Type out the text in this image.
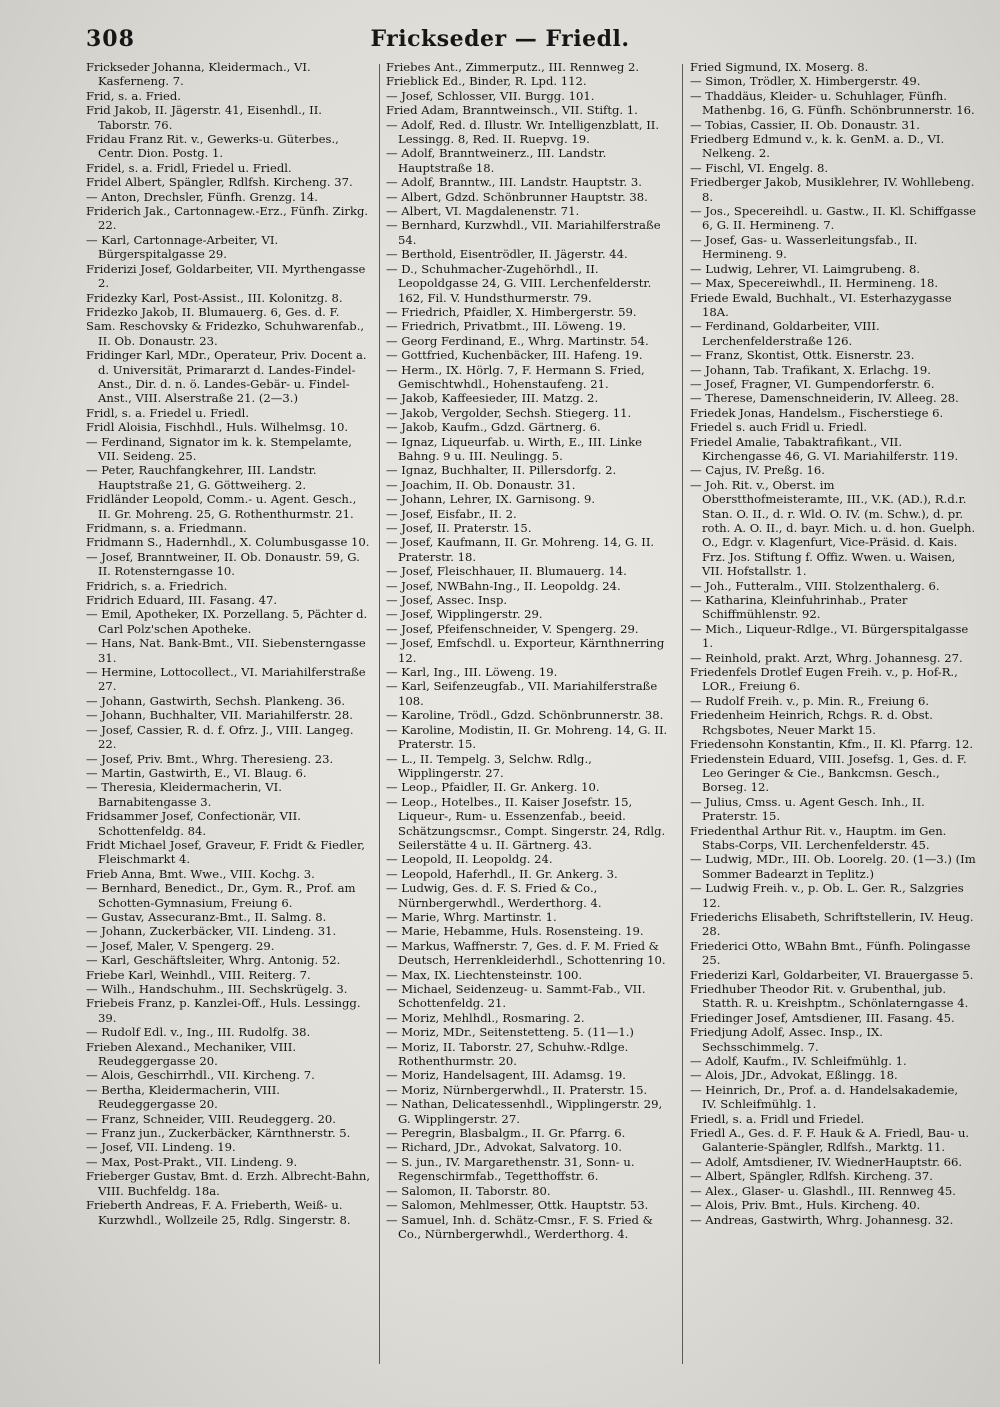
308	Frickseder — Friedl.

Frickseder Johanna, Kleidermach., VI. Kasferneng. 7.

Frid, s. a. Fried.

Frid Jakob, II. Jägerstr. 41, Eisenhdl., II. Taborstr. 76.

Fridau Franz Rit. v., Gewerks-u. Güterbes., Centr. Dion. Postg. 1.

Fridel, s. a. Fridl, Friedel u. Friedl.

Fridel Albert, Spängler, Rdlfsh. Kircheng. 37.

— Anton, Drechsler, Fünfh. Grenzg. 14.

Friderich Jak., Cartonnagew.-Erz., Fünfh. Zirkg. 22.

— Karl, Cartonnage-Arbeiter, VI. Bürgerspitalgasse 29.

Friderizi Josef, Goldarbeiter, VII. Myrthengasse 2.

Fridezky Karl, Post-Assist., III. Kolonitzg. 8.

Fridezko Jakob, II. Blumauerg. 6, Ges. d. F.

Sam. Reschovsky & Fridezko, Schuhwarenfab., II. Ob. Donaustr. 23.

Fridinger Karl, MDr., Operateur, Priv. Docent a. d. Universität, Primararzt d. Landes-Findel-Anst., Dir. d. n. ö. Landes-Gebär- u. Findel-Anst., VIII. Alserstraße 21. (2—3.)

Fridl, s. a. Friedel u. Friedl.

Fridl Aloisia, Fischhdl., Huls. Wilhelmsg. 10.

— Ferdinand, Signator im k. k. Stempelamte, VII. Seideng. 25.

— Peter, Rauchfangkehrer, III. Landstr. Hauptstraße 21, G. Göttweiherg. 2.

Fridländer Leopold, Comm.- u. Agent. Gesch., II. Gr. Mohreng. 25, G. Rothenthurmstr. 21.

Fridmann, s. a. Friedmann.

Fridmann S., Hadernhdl., X. Columbusgasse 10.

— Josef, Branntweiner, II. Ob. Donaustr. 59, G. II. Rotensterngasse 10.

Fridrich, s. a. Friedrich.

Fridrich Eduard, III. Fasang. 47.

— Emil, Apotheker, IX. Porzellang. 5, Pächter d. Carl Polz'schen Apotheke.

— Hans, Nat. Bank-Bmt., VII. Siebensterngasse 31.

— Hermine, Lottocollect., VI. Mariahilferstraße 27.

— Johann, Gastwirth, Sechsh. Plankeng. 36.

— Johann, Buchhalter, VII. Mariahilferstr. 28.

— Josef, Cassier, R. d. f. Ofrz. J., VIII. Langeg. 22.

— Josef, Priv. Bmt., Whrg. Theresieng. 23.

— Martin, Gastwirth, E., VI. Blaug. 6.

— Theresia, Kleidermacherin, VI. Barnabitengasse 3.

Fridsammer Josef, Confectionär, VII. Schottenfeldg. 84.

Fridt Michael Josef, Graveur, F. Fridt & Fiedler, Fleischmarkt 4.

Frieb Anna, Bmt. Wwe., VIII. Kochg. 3.

— Bernhard, Benedict., Dr., Gym. R., Prof. am Schotten-Gymnasium, Freiung 6.

— Gustav, Assecuranz-Bmt., II. Salmg. 8.

— Johann, Zuckerbäcker, VII. Lindeng. 31.

— Josef, Maler, V. Spengerg. 29.

— Karl, Geschäftsleiter, Whrg. Antonig. 52.

Friebe Karl, Weinhdl., VIII. Reiterg. 7.

— Wilh., Handschuhm., III. Sechskrügelg. 3.

Friebeis Franz, p. Kanzlei-Off., Huls. Lessingg. 39.

— Rudolf Edl. v., Ing., III. Rudolfg. 38.

Frieben Alexand., Mechaniker, VIII. Reudeggergasse 20.

— Alois, Geschirrhdl., VII. Kircheng. 7.

— Bertha, Kleidermacherin, VIII. Reudeggergasse 20.

— Franz, Schneider, VIII. Reudeggerg. 20.

— Franz jun., Zuckerbäcker, Kärnthnerstr. 5.

— Josef, VII. Lindeng. 19.

— Max, Post-Prakt., VII. Lindeng. 9.

Frieberger Gustav, Bmt. d. Erzh. Albrecht-Bahn, VIII. Buchfeldg. 18a.

Frieberth Andreas, F. A. Frieberth, Weiß- u. Kurzwhdl., Wollzeile 25, Rdlg. Singerstr. 8.

Friebes Ant., Zimmerputz., III. Rennweg 2.

Frieblick Ed., Binder, R. Lpd. 112.

— Josef, Schlosser, VII. Burgg. 101.

Fried Adam, Branntweinsch., VII. Stiftg. 1.

— Adolf, Red. d. Illustr. Wr. Intelligenzblatt, II. Lessingg. 8, Red. II. Ruepvg. 19.

— Adolf, Branntweinerz., III. Landstr. Hauptstraße 18.

— Adolf, Branntw., III. Landstr. Hauptstr. 3.

— Albert, Gdzd. Schönbrunner Hauptstr. 38.

— Albert, VI. Magdalenenstr. 71.

— Bernhard, Kurzwhdl., VII. Mariahilferstraße 54.

— Berthold, Eisentrödler, II. Jägerstr. 44.

— D., Schuhmacher-Zugehörhdl., II. Leopoldgasse 24, G. VIII. Lerchenfelderstr. 162, Fil. V. Hundsthurmerstr. 79.

— Friedrich, Pfaidler, X. Himbergerstr. 59.

— Friedrich, Privatbmt., III. Löweng. 19.

— Georg Ferdinand, E., Whrg. Martinstr. 54.

— Gottfried, Kuchenbäcker, III. Hafeng. 19.

— Herm., IX. Hörlg. 7, F. Hermann S. Fried, Gemischtwhdl., Hohenstaufeng. 21.

— Jakob, Kaffeesieder, III. Matzg. 2.

— Jakob, Vergolder, Sechsh. Stiegerg. 11.

— Jakob, Kaufm., Gdzd. Gärtnerg. 6.

— Ignaz, Liqueurfab. u. Wirth, E., III. Linke Bahng. 9 u. III. Neulingg. 5.

— Ignaz, Buchhalter, II. Pillersdorfg. 2.

— Joachim, II. Ob. Donaustr. 31.

— Johann, Lehrer, IX. Garnisong. 9.

— Josef, Eisfabr., II. 2.

— Josef, II. Praterstr. 15.

— Josef, Kaufmann, II. Gr. Mohreng. 14, G. II. Praterstr. 18.

— Josef, Fleischhauer, II. Blumauerg. 14.

— Josef, NWBahn-Ing., II. Leopoldg. 24.

— Josef, Assec. Insp.

— Josef, Wipplingerstr. 29.

— Josef, Pfeifenschneider, V. Spengerg. 29.

— Josef, Emfschdl. u. Exporteur, Kärnthnerring 12.

— Karl, Ing., III. Löweng. 19.

— Karl, Seifenzeugfab., VII. Mariahilferstraße 108.

— Karoline, Trödl., Gdzd. Schönbrunnerstr. 38.

— Karoline, Modistin, II. Gr. Mohreng. 14, G. II. Praterstr. 15.

— L., II. Tempelg. 3, Selchw. Rdlg., Wipplingerstr. 27.

— Leop., Pfaidler, II. Gr. Ankerg. 10.

— Leop., Hotelbes., II. Kaiser Josefstr. 15, Liqueur-, Rum- u. Essenzenfab., beeid. Schätzungscmsr., Compt. Singerstr. 24, Rdlg. Seilerstätte 4 u. II. Gärtnerg. 43.

— Leopold, II. Leopoldg. 24.

— Leopold, Haferhdl., II. Gr. Ankerg. 3.

— Ludwig, Ges. d. F. S. Fried & Co., Nürnbergerwhdl., Werderthorg. 4.

— Marie, Whrg. Martinstr. 1.

— Marie, Hebamme, Huls. Rosensteing. 19.

— Markus, Waffnerstr. 7, Ges. d. F. M. Fried & Deutsch, Herrenkleiderhdl., Schottenring 10.

— Max, IX. Liechtensteinstr. 100.

— Michael, Seidenzeug- u. Sammt-Fab., VII. Schottenfeldg. 21.

— Moriz, Mehlhdl., Rosmaring. 2.

— Moriz, MDr., Seitenstetteng. 5. (11—1.)

— Moriz, II. Taborstr. 27, Schuhw.-Rdlge. Rothenthurmstr. 20.

— Moriz, Handelsagent, III. Adamsg. 19.

— Moriz, Nürnbergerwhdl., II. Praterstr. 15.

— Nathan, Delicatessenhdl., Wipplingerstr. 29, G. Wipplingerstr. 27.

— Peregrin, Blasbalgm., II. Gr. Pfarrg. 6.

— Richard, JDr., Advokat, Salvatorg. 10.

— S. jun., IV. Margarethenstr. 31, Sonn- u. Regenschirmfab., Tegetthoffstr. 6.

— Salomon, II. Taborstr. 80.

— Salomon, Mehlmesser, Ottk. Hauptstr. 53.

— Samuel, Inh. d. Schätz-Cmsr., F. S. Fried & Co., Nürnbergerwhdl., Werderthorg. 4.

Fried Sigmund, IX. Moserg. 8.

— Simon, Trödler, X. Himbergerstr. 49.

— Thaddäus, Kleider- u. Schuhlager, Fünfh. Mathenbg. 16, G. Fünfh. Schönbrunnerstr. 16.

— Tobias, Cassier, II. Ob. Donaustr. 31.

Friedberg Edmund v., k. k. GenM. a. D., VI. Nelkeng. 2.

— Fischl, VI. Engelg. 8.

Friedberger Jakob, Musiklehrer, IV. Wohllebeng. 8.

— Jos., Specereihdl. u. Gastw., II. Kl. Schiffgasse 6, G. II. Hermineng. 7.

— Josef, Gas- u. Wasserleitungsfab., II. Hermineng. 9.

— Ludwig, Lehrer, VI. Laimgrubeng. 8.

— Max, Specereiwhdl., II. Hermineng. 18.

Friede Ewald, Buchhalt., VI. Esterhazygasse 18A.

— Ferdinand, Goldarbeiter, VIII. Lerchenfelderstraße 126.

— Franz, Skontist, Ottk. Eisnerstr. 23.

— Johann, Tab. Trafikant, X. Erlachg. 19.

— Josef, Fragner, VI. Gumpendorferstr. 6.

— Therese, Damenschneiderin, IV. Alleeg. 28.

Friedek Jonas, Handelsm., Fischerstiege 6.

Friedel s. auch Fridl u. Friedl.

Friedel Amalie, Tabaktrafikant., VII. Kirchengasse 46, G. VI. Mariahilferstr. 119.

— Cajus, IV. Preßg. 16.

— Joh. Rit. v., Oberst. im Oberstthofmeisteramte, III., V.K. (AD.), R.d.r. Stan. O. II., d. r. Wld. O. IV. (m. Schw.), d. pr. roth. A. O. II., d. bayr. Mich. u. d. hon. Guelph. O., Edgr. v. Klagenfurt, Vice-Präsid. d. Kais. Frz. Jos. Stiftung f. Offiz. Wwen. u. Waisen, VII. Hofstallstr. 1.

— Joh., Futteralm., VIII. Stolzenthalerg. 6.

— Katharina, Kleinfuhrinhab., Prater Schiffmühlenstr. 92.

— Mich., Liqueur-Rdlge., VI. Bürgerspitalgasse 1.

— Reinhold, prakt. Arzt, Whrg. Johannesg. 27.

Friedenfels Drotlef Eugen Freih. v., p. Hof-R., LOR., Freiung 6.

— Rudolf Freih. v., p. Min. R., Freiung 6.

Friedenheim Heinrich, Rchgs. R. d. Obst. Rchgsbotes, Neuer Markt 15.

Friedensohn Konstantin, Kfm., II. Kl. Pfarrg. 12.

Friedenstein Eduard, VIII. Josefsg. 1, Ges. d. F. Leo Geringer & Cie., Bankcmsn. Gesch., Borseg. 12.

— Julius, Cmss. u. Agent Gesch. Inh., II. Praterstr. 15.

Friedenthal Arthur Rit. v., Hauptm. im Gen. Stabs-Corps, VII. Lerchenfelderstr. 45.

— Ludwig, MDr., III. Ob. Loorelg. 20. (1—3.) (Im Sommer Badearzt in Teplitz.)

— Ludwig Freih. v., p. Ob. L. Ger. R., Salzgries 12.

Friederichs Elisabeth, Schriftstellerin, IV. Heug. 28.

Friederici Otto, WBahn Bmt., Fünfh. Polingasse 25.

Friederizi Karl, Goldarbeiter, VI. Brauergasse 5.

Friedhuber Theodor Rit. v. Grubenthal, jub. Statth. R. u. Kreishptm., Schönlaterngasse 4.

Friedinger Josef, Amtsdiener, III. Fasang. 45.

Friedjung Adolf, Assec. Insp., IX. Sechsschimmelg. 7.

— Adolf, Kaufm., IV. Schleifmühlg. 1.

— Alois, JDr., Advokat, Eßlingg. 18.

— Heinrich, Dr., Prof. a. d. Handelsakademie, IV. Schleifmühlg. 1.

Friedl, s. a. Fridl und Friedel.

Friedl A., Ges. d. F. F. Hauk & A. Friedl, Bau- u. Galanterie-Spängler, Rdlfsh., Marktg. 11.

— Adolf, Amtsdiener, IV. WiednerHauptstr. 66.

— Albert, Spängler, Rdlfsh. Kircheng. 37.

— Alex., Glaser- u. Glashdl., III. Rennweg 45.

— Alois, Priv. Bmt., Huls. Kircheng. 40.

— Andreas, Gastwirth, Whrg. Johannesg. 32.
